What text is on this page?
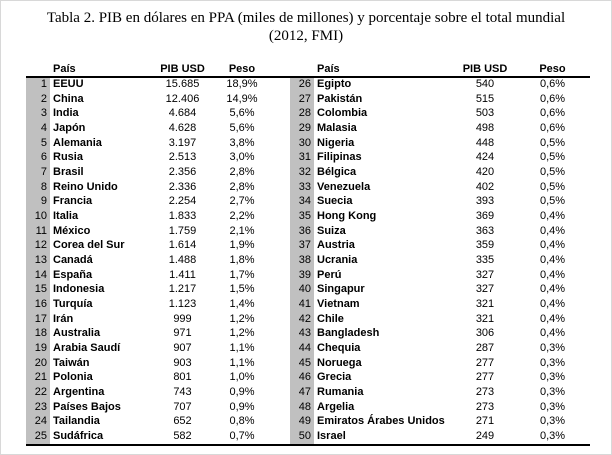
Tabla 2. PIB en dólares en PPA (miles de millones) y porcentaje sobre el total mundial
(2012, FMI)
	País	PIB USD	Peso
1	EEUU	15.685	18,9%
2	China	12.406	14,9%
3	India	4.684	5,6%
4	Japón	4.628	5,6%
5	Alemania	3.197	3,8%
6	Rusia	2.513	3,0%
7	Brasil	2.356	2,8%
8	Reino Unido	2.336	2,8%
9	Francia	2.254	2,7%
10	Italia	1.833	2,2%
11	México	1.759	2,1%
12	Corea del Sur	1.614	1,9%
13	Canadá	1.488	1,8%
14	España	1.411	1,7%
15	Indonesia	1.217	1,5%
16	Turquía	1.123	1,4%
17	Irán	999	1,2%
18	Australia	971	1,2%
19	Arabia Saudí	907	1,1%
20	Taiwán	903	1,1%
21	Polonia	801	1,0%
22	Argentina	743	0,9%
23	Países Bajos	707	0,9%
24	Tailandia	652	0,8%
25	Sudáfrica	582	0,7%
	País	PIB USD	Peso
26	Egipto	540	0,6%
27	Pakistán	515	0,6%
28	Colombia	503	0,6%
29	Malasia	498	0,6%
30	Nigeria	448	0,5%
31	Filipinas	424	0,5%
32	Bélgica	420	0,5%
33	Venezuela	402	0,5%
34	Suecia	393	0,5%
35	Hong Kong	369	0,4%
36	Suiza	363	0,4%
37	Austria	359	0,4%
38	Ucrania	335	0,4%
39	Perú	327	0,4%
40	Singapur	327	0,4%
41	Vietnam	321	0,4%
42	Chile	321	0,4%
43	Bangladesh	306	0,4%
44	Chequia	287	0,3%
45	Noruega	277	0,3%
46	Grecia	277	0,3%
47	Rumania	273	0,3%
48	Argelia	273	0,3%
49	Emiratos Árabes Unidos	271	0,3%
50	Israel	249	0,3%
